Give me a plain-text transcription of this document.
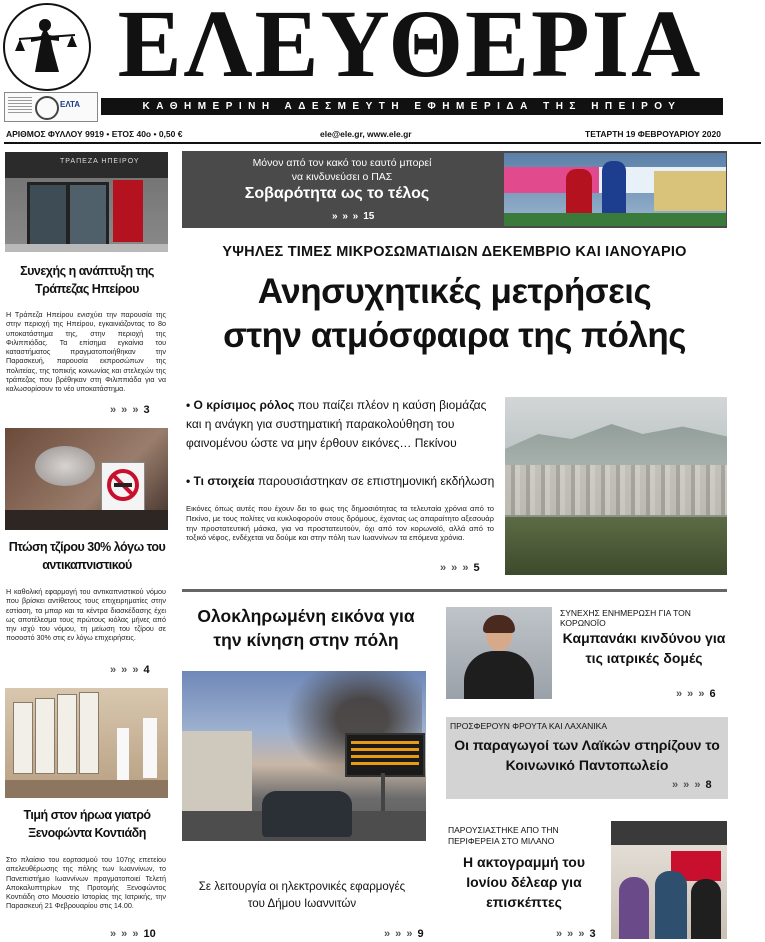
ΕΛΕΥΘΕΡΙΑ
ΕΛΤΑ	ΚΑΘΗΜΕΡΙΝΗ ΑΔΕΣΜΕΥΤΗ ΕΦΗΜΕΡΙΔΑ ΤΗΣ ΗΠΕΙΡΟΥ
ΑΡΙΘΜΟΣ ΦΥΛΛΟΥ 9919 • ΕΤΟΣ 40ο • 0,50 €	ele@ele.gr, www.ele.gr	ΤΕΤΑΡΤΗ 19 ΦΕΒΡΟΥΑΡΙΟΥ 2020
ΤΡΑΠΕΖΑ ΗΠΕΙΡΟΥ
Συνεχής η ανάπτυξη της Τράπεζας Ηπείρου
Η Τράπεζα Ηπείρου ενισχύει την παρουσία της στην περιοχή της Ηπείρου, εγκαινιάζοντας το 8ο υποκατάστημα της, στην περιοχή της Φιλιππιάδας. Τα επίσημα εγκαίνια του καταστήματος πραγματοποιήθηκαν την Παρασκευή, παρουσία εκπροσώπων της πολιτείας, της τοπικής κοινωνίας και στελεχών της τράπεζας που βρέθηκαν στη Φιλιππιάδα για να καλωσορίσουν το νέο υποκατάστημα.
» » » 3
Πτώση τζίρου 30% λόγω του αντικαπνιστικού
Η καθολική εφαρμογή του αντικαπνιστικού νόμου που βρίσκει αντίθετους τους επιχειρηματίες στην εστίαση, τα μπαρ και τα κέντρα διασκέδασης έχει ως αποτέλεσμα τους πρώτους κιόλας μήνες από την ισχύ του νόμου, τη μείωση του τζίρου σε ποσοστό 30% στις εν λόγω επιχειρήσεις.
» » » 4
Τιμή στον ήρωα γιατρό Ξενοφώντα Κοντιάδη
Στο πλαίσιο του εορτασμού του 107ης επετείου απελευθέρωσης της πόλης των Ιωαννίνων, το Πανεπιστήμιο Ιωαννίνων πραγματοποιεί Τελετή Αποκαλυπτηρίων της Προτομής Ξενοφώντος Κοντιάδη στο Μουσείο Ιστορίας της Ιατρικής, την Παρασκευή 21 Φεβρουαρίου στις 14.00.
» » » 10
Μόνον από τον κακό του εαυτό μπορεί να κινδυνεύσει ο ΠΑΣ
Σοβαρότητα ως το τέλος
» » » 15
ΥΨΗΛΕΣ ΤΙΜΕΣ ΜΙΚΡΟΣΩΜΑΤΙΔΙΩΝ ΔΕΚΕΜΒΡΙΟ ΚΑΙ ΙΑΝΟΥΑΡΙΟ
Ανησυχητικές μετρήσεις
στην ατμόσφαιρα της πόλης
• Ο κρίσιμος ρόλος που παίζει πλέον η καύση βιομάζας και η ανάγκη για συστηματική παρακολούθηση του φαινομένου ώστε να μην έρθουν εικόνες… Πεκίνου
• Τι στοιχεία παρουσιάστηκαν σε επιστημονική εκδήλωση
Εικόνες όπως αυτές που έχουν δει το φως της δημοσιότητας τα τελευταία χρόνια από το Πεκίνο, με τους πολίτες να κυκλοφορούν στους δρόμους, έχοντας ως απαραίτητο αξεσουάρ την προστατευτική μάσκα, για να προστατευτούν, όχι από τον κορωνοϊό, αλλά από το τοξικό νέφος, ενδέχεται να δούμε και στην πόλη των Ιωαννίνων τα επόμενα χρόνια.
» » » 5
Ολοκληρωμένη εικόνα για την κίνηση στην πόλη
Σε λειτουργία οι ηλεκτρονικές εφαρμογές του Δήμου Ιωαννιτών
» » » 9
ΣΥΝΕΧΗΣ ΕΝΗΜΕΡΩΣΗ ΓΙΑ ΤΟΝ ΚΟΡΩΝΟΪΟ
Καμπανάκι κινδύνου για τις ιατρικές δομές
» » » 6
ΠΡΟΣΦΕΡΟΥΝ ΦΡΟΥΤΑ ΚΑΙ ΛΑΧΑΝΙΚΑ
Οι παραγωγοί των Λαϊκών στηρίζουν το Κοινωνικό Παντοπωλείο
» » » 8
ΠΑΡΟΥΣΙΑΣΤΗΚΕ ΑΠΟ ΤΗΝ ΠΕΡΙΦΕΡΕΙΑ ΣΤΟ ΜΙΛΑΝΟ
Η ακτογραμμή του Ιονίου δέλεαρ για επισκέπτες
» » » 3
